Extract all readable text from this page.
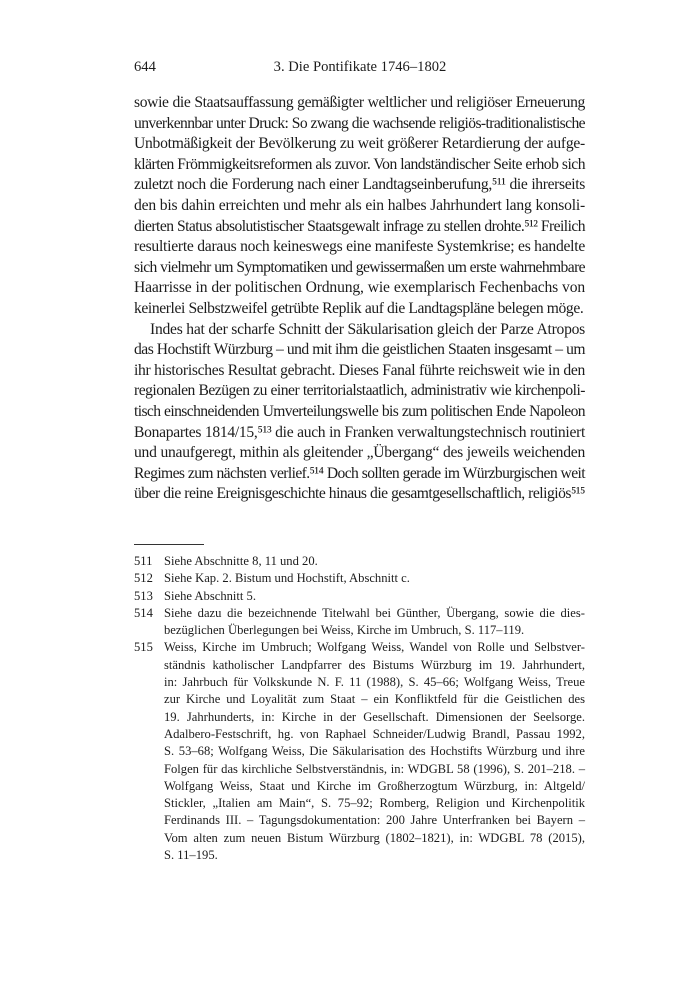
644	3. Die Pontifikate 1746–1802
sowie die Staatsauffassung gemäßigter weltlicher und religiöser Erneuerung
unverkennbar unter Druck: So zwang die wachsende religiös-traditionalistische
Unbotmäßigkeit der Bevölkerung zu weit größerer Retardierung der aufge-
klärten Frömmigkeitsreformen als zuvor. Von landständischer Seite erhob sich
zuletzt noch die Forderung nach einer Landtagseinberufung,⁵¹¹ die ihrerseits
den bis dahin erreichten und mehr als ein halbes Jahrhundert lang konsoli-
dierten Status absolutistischer Staatsgewalt infrage zu stellen drohte.⁵¹² Freilich
resultierte daraus noch keineswegs eine manifeste Systemkrise; es handelte
sich vielmehr um Symptomatiken und gewissermaßen um erste wahrnehmbare
Haarrisse in der politischen Ordnung, wie exemplarisch Fechenbachs von
keinerlei Selbstzweifel getrübte Replik auf die Landtagspläne belegen möge.
Indes hat der scharfe Schnitt der Säkularisation gleich der Parze Atropos
das Hochstift Würzburg – und mit ihm die geistlichen Staaten insgesamt – um
ihr historisches Resultat gebracht. Dieses Fanal führte reichsweit wie in den
regionalen Bezügen zu einer territorialstaatlich, administrativ wie kirchenpoli-
tisch einschneidenden Umverteilungswelle bis zum politischen Ende Napoleon
Bonapartes 1814/15,⁵¹³ die auch in Franken verwaltungstechnisch routiniert
und unaufgeregt, mithin als gleitender „Übergang“ des jeweils weichenden
Regimes zum nächsten verlief.⁵¹⁴ Doch sollten gerade im Würzburgischen weit
über die reine Ereignisgeschichte hinaus die gesamtgesellschaftlich, religiös⁵¹⁵
511 Siehe Abschnitte 8, 11 und 20.
512 Siehe Kap. 2. Bistum und Hochstift, Abschnitt c.
513 Siehe Abschnitt 5.
514 Siehe dazu die bezeichnende Titelwahl bei Günther, Übergang, sowie die dies-
bezüglichen Überlegungen bei Weiss, Kirche im Umbruch, S. 117–119.
515 Weiss, Kirche im Umbruch; Wolfgang Weiss, Wandel von Rolle und Selbstver-
ständnis katholischer Landpfarrer des Bistums Würzburg im 19. Jahrhundert,
in: Jahrbuch für Volkskunde N. F. 11 (1988), S. 45–66; Wolfgang Weiss, Treue
zur Kirche und Loyalität zum Staat – ein Konfliktfeld für die Geistlichen des
19. Jahrhunderts, in: Kirche in der Gesellschaft. Dimensionen der Seelsorge.
Adalbero-Festschrift, hg. von Raphael Schneider/Ludwig Brandl, Passau 1992,
S. 53–68; Wolfgang Weiss, Die Säkularisation des Hochstifts Würzburg und ihre
Folgen für das kirchliche Selbstverständnis, in: WDGBL 58 (1996), S. 201–218. –
Wolfgang Weiss, Staat und Kirche im Großherzogtum Würzburg, in: Altgeld/
Stickler, „Italien am Main“, S. 75–92; Romberg, Religion und Kirchenpolitik
Ferdinands III. – Tagungsdokumentation: 200 Jahre Unterfranken bei Bayern –
Vom alten zum neuen Bistum Würzburg (1802–1821), in: WDGBL 78 (2015),
S. 11–195.
